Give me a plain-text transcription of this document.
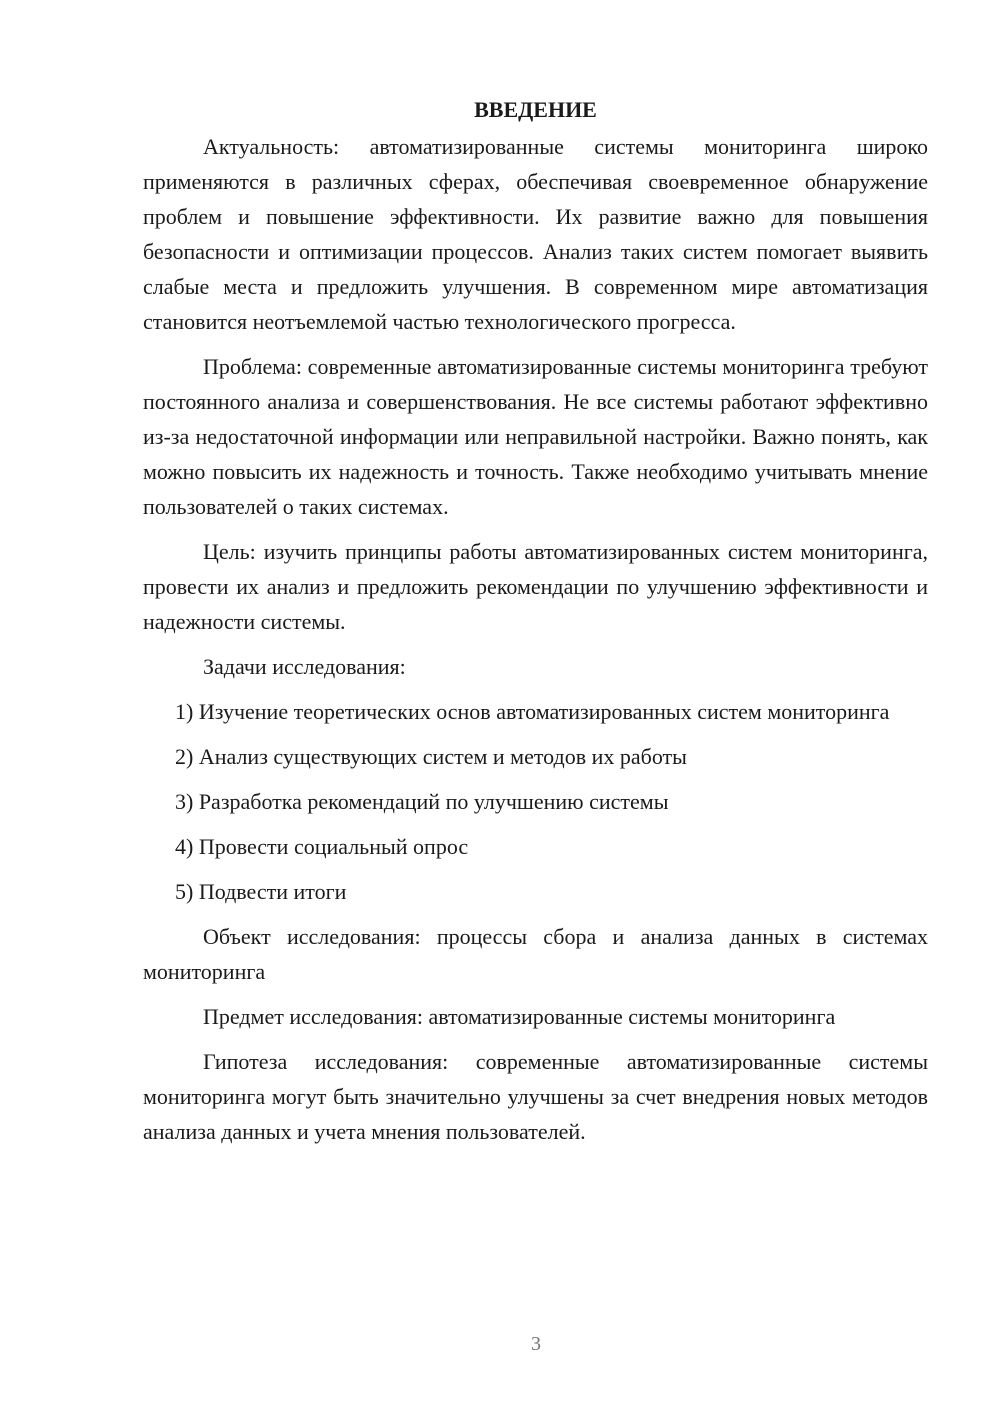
ВВЕДЕНИЕ

Актуальность: автоматизированные системы мониторинга широко применяются в различных сферах, обеспечивая своевременное обнаружение проблем и повышение эффективности. Их развитие важно для повышения безопасности и оптимизации процессов. Анализ таких систем помогает выявить слабые места и предложить улучшения. В современном мире автоматизация становится неотъемлемой частью технологического прогресса.

Проблема: современные автоматизированные системы мониторинга требуют постоянного анализа и совершенствования. Не все системы работают эффективно из-за недостаточной информации или неправильной настройки. Важно понять, как можно повысить их надежность и точность. Также необходимо учитывать мнение пользователей о таких системах.

Цель: изучить принципы работы автоматизированных систем мониторинга, провести их анализ и предложить рекомендации по улучшению эффективности и надежности системы.

Задачи исследования:

1) Изучение теоретических основ автоматизированных систем мониторинга

2) Анализ существующих систем и методов их работы

3) Разработка рекомендаций по улучшению системы

4) Провести социальный опрос

5) Подвести итоги

Объект исследования: процессы сбора и анализа данных в системах мониторинга

Предмет исследования: автоматизированные системы мониторинга

Гипотеза исследования: современные автоматизированные системы мониторинга могут быть значительно улучшены за счет внедрения новых методов анализа данных и учета мнения пользователей.

3
